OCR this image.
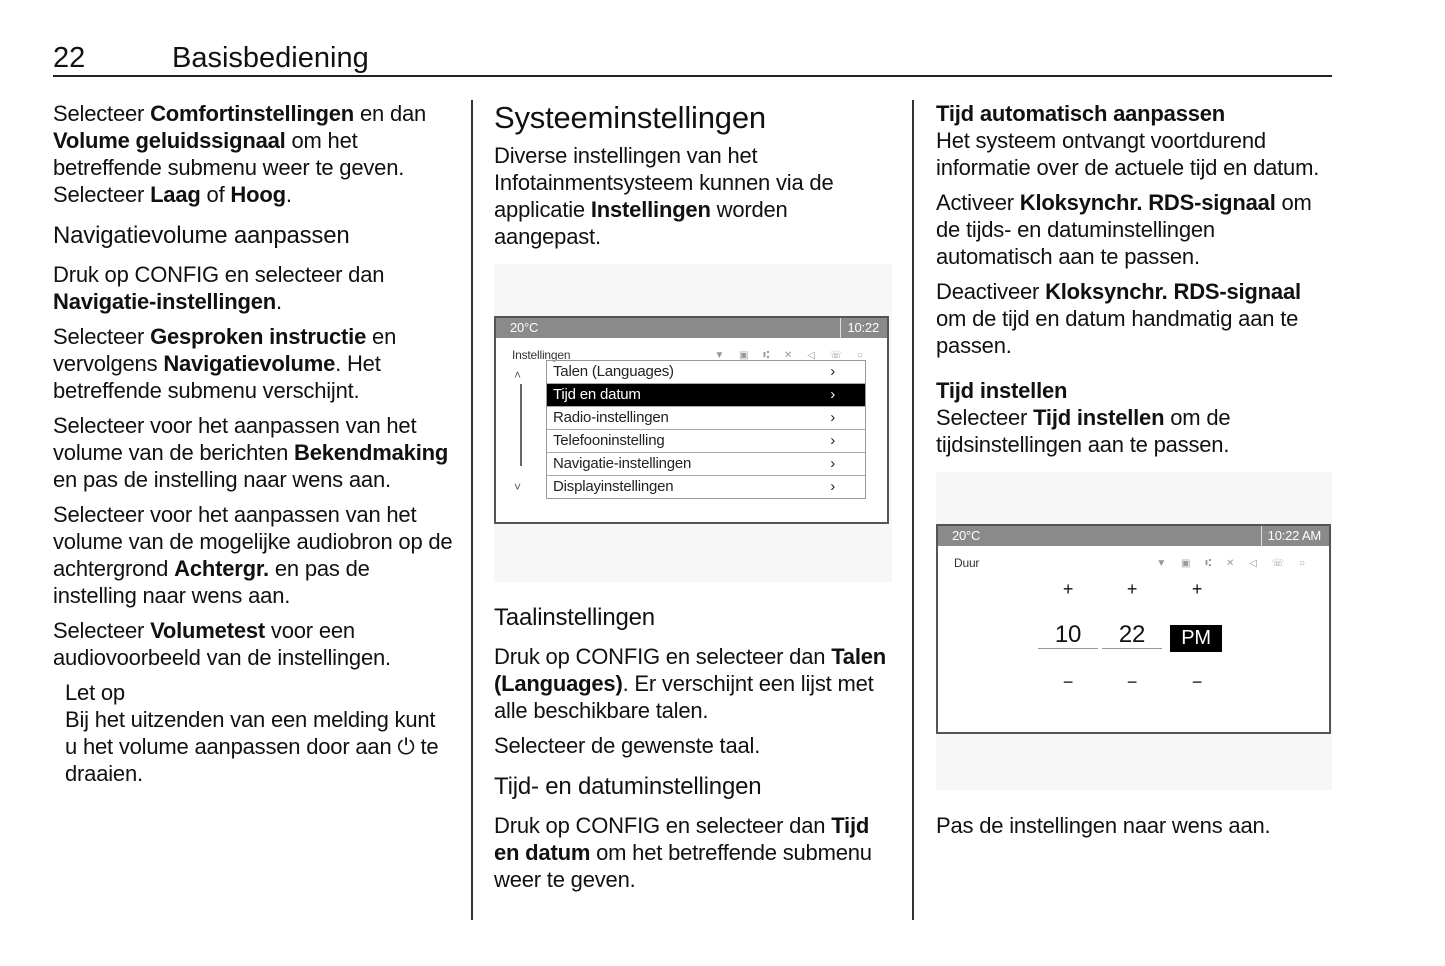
22	Basisbediening

Selecteer Comfortinstellingen en dan Volume geluidssignaal om het betreffende submenu weer te geven. Selecteer Laag of Hoog.

Navigatievolume aanpassen

Druk op CONFIG en selecteer dan Navigatie-instellingen.

Selecteer Gesproken instructie en vervolgens Navigatievolume. Het betreffende submenu verschijnt.

Selecteer voor het aanpassen van het volume van de berichten Bekendmaking en pas de instelling naar wens aan.

Selecteer voor het aanpassen van het volume van de mogelijke audiobron op de achtergrond Achtergr. en pas de instelling naar wens aan.

Selecteer Volumetest voor een audiovoorbeeld van de instellingen.

Let op

Bij het uitzenden van een melding kunt u het volume aanpassen door aan ⏻ te draaien.

Systeeminstellingen

Diverse instellingen van het Infotainmentsysteem kunnen via de applicatie Instellingen worden aangepast.

20°C	10:22
Instellingen	▼ ▣ ⑆ ✕ ◁ ☏ ○
˄
˅
Talen (Languages)	›
Tijd en datum	›
Radio-instellingen	›
Telefooninstelling	›
Navigatie-instellingen	›
Displayinstellingen	›
Taalinstellingen

Druk op CONFIG en selecteer dan Talen (Languages). Er verschijnt een lijst met alle beschikbare talen.

Selecteer de gewenste taal.

Tijd- en datuminstellingen

Druk op CONFIG en selecteer dan Tijd en datum om het betreffende submenu weer te geven.

Tijd automatisch aanpassen

Het systeem ontvangt voortdurend informatie over de actuele tijd en datum.

Activeer Kloksynchr. RDS-signaal om de tijds- en datuminstellingen automatisch aan te passen.

Deactiveer Kloksynchr. RDS-signaal om de tijd en datum handmatig aan te passen.

Tijd instellen

Selecteer Tijd instellen om de tijdsinstellingen aan te passen.

20°C	10:22 AM
Duur	▼ ▣ ⑆ ✕ ◁ ☏ ○
+	+	+
10	22	PM
−	−	−

Pas de instellingen naar wens aan.
